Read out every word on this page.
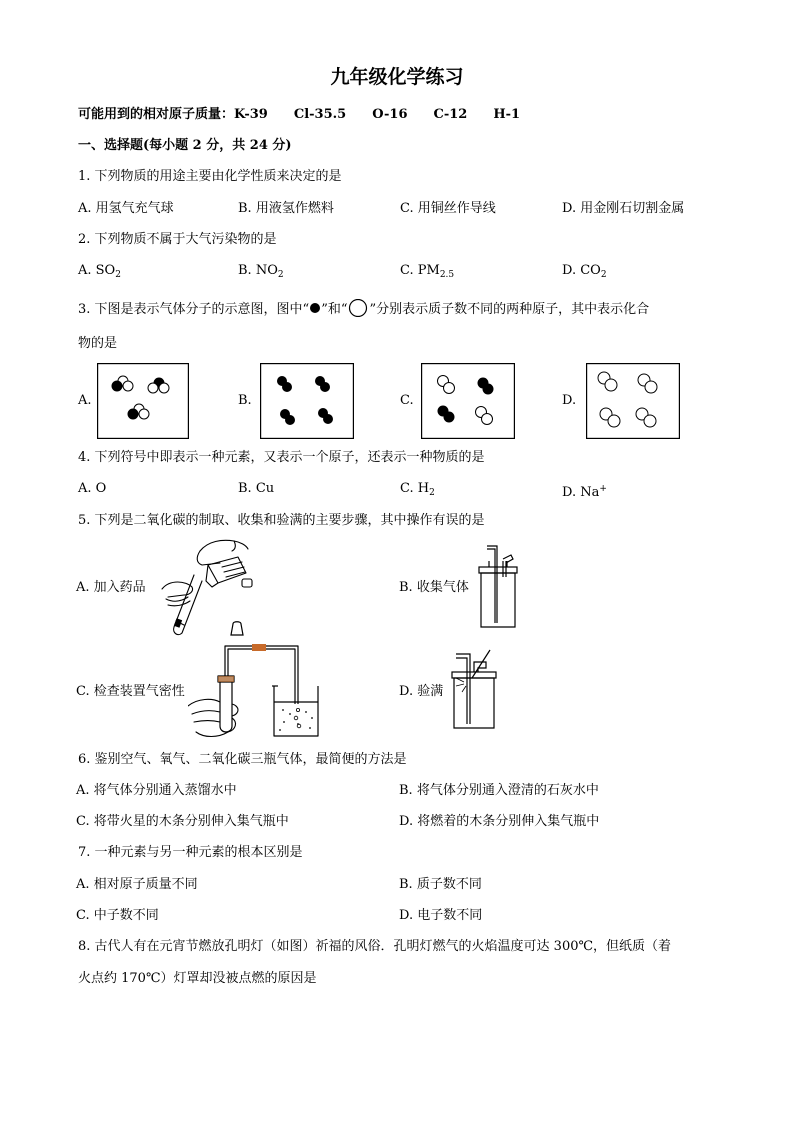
九年级化学练习
可能用到的相对原子质量：K-39 Cl-35.5 O-16 C-12 H-1
一、选择题(每小题 2 分，共 24 分)
1. 下列物质的用途主要由化学性质来决定的是
A. 用氢气充气球	B. 用液氢作燃料	C. 用铜丝作导线	D. 用金刚石切割金属
2. 下列物质不属于大气污染物的是
A. $SO_2$	B. $NO_2$	C. $PM_{2.5}$	D. $CO_2$
3. 下图是表示气体分子的示意图，图中“ ”和“ ”分别表示质子数不同的两种原子，其中表示化合
物的是
A.	B.	C.	D.
4. 下列符号中即表示一种元素，又表示一个原子，还表示一种物质的是
A. O	B. Cu	C. $H_2$	D. Na+
5. 下列是二氧化碳的制取、收集和验满的主要步骤，其中操作有误的是
A. 加入药品	B. 收集气体
C. 检查装置气密性	D. 验满
6. 鉴别空气、氧气、二氧化碳三瓶气体，最简便的方法是
A. 将气体分别通入蒸馏水中	B. 将气体分别通入澄清的石灰水中
C. 将带火星的木条分别伸入集气瓶中	D. 将燃着的木条分别伸入集气瓶中
7. 一种元素与另一种元素的根本区别是
A. 相对原子质量不同	B. 质子数不同
C. 中子数不同	D. 电子数不同
8. 古代人有在元宵节燃放孔明灯（如图）祈福的风俗．孔明灯燃气的火焰温度可达 300℃，但纸质（着
火点约 170℃）灯罩却没被点燃的原因是
